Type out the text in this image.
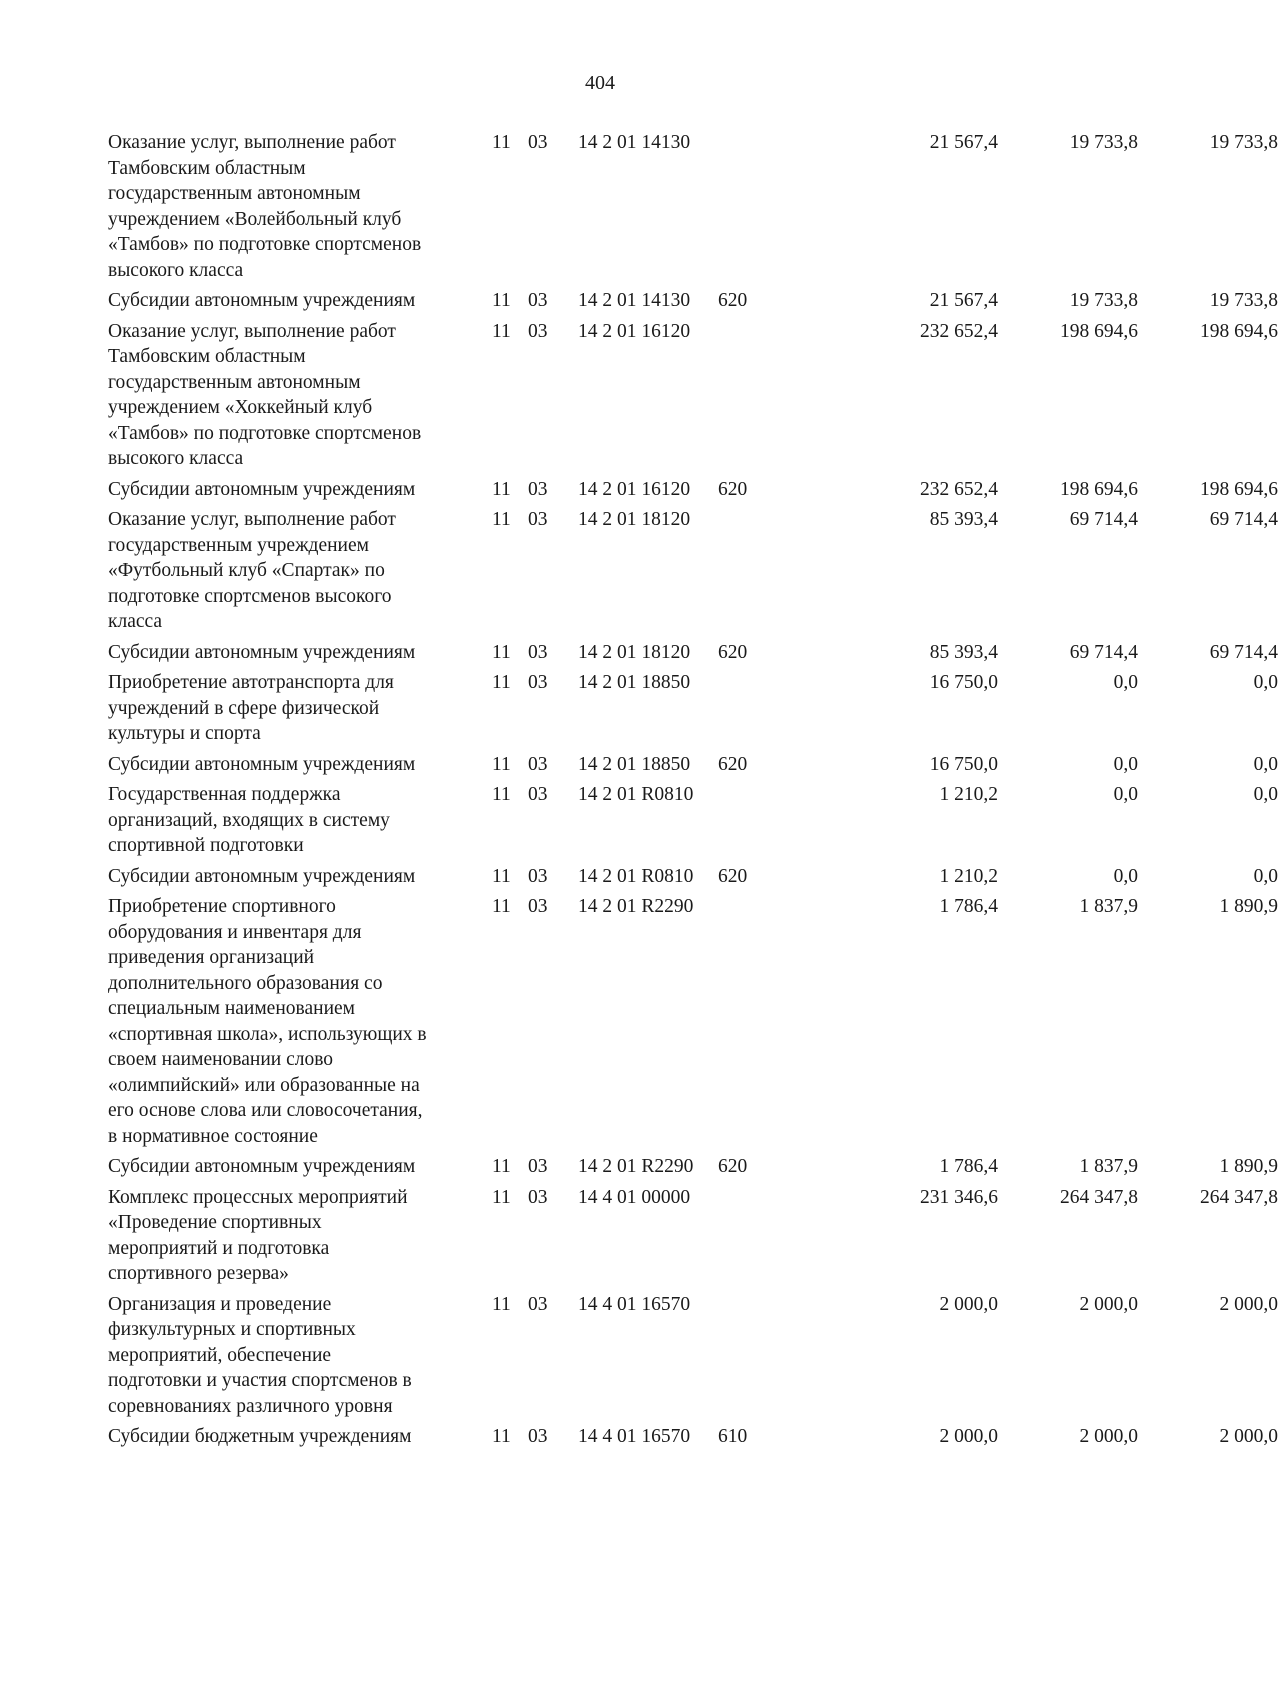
404
Оказание услуг, выполнение работ
Тамбовским областным
государственным автономным
учреждением «Волейбольный клуб
«Тамбов» по подготовке спортсменов
высокого класса
11 03	14 2 01 14130	21 567,4	19 733,8	19 733,8
Субсидии автономным учреждениям	11 03	14 2 01 14130	620	21 567,4	19 733,8	19 733,8
Оказание услуг, выполнение работ
Тамбовским областным
государственным автономным
учреждением «Хоккейный клуб
«Тамбов» по подготовке спортсменов
высокого класса
11 03	14 2 01 16120	232 652,4	198 694,6	198 694,6
Субсидии автономным учреждениям	11 03	14 2 01 16120	620	232 652,4	198 694,6	198 694,6
Оказание услуг, выполнение работ
государственным учреждением
«Футбольный клуб «Спартак» по
подготовке спортсменов высокого
класса
11 03	14 2 01 18120	85 393,4	69 714,4	69 714,4
Субсидии автономным учреждениям	11 03	14 2 01 18120	620	85 393,4	69 714,4	69 714,4
Приобретение автотранспорта для
учреждений в сфере физической
культуры и спорта
11 03	14 2 01 18850	16 750,0	0,0	0,0
Субсидии автономным учреждениям	11 03	14 2 01 18850	620	16 750,0	0,0	0,0
Государственная поддержка
организаций, входящих в систему
спортивной подготовки
11 03	14 2 01 R0810	1 210,2	0,0	0,0
Субсидии автономным учреждениям	11 03	14 2 01 R0810	620	1 210,2	0,0	0,0
Приобретение спортивного
оборудования и инвентаря для
приведения организаций
дополнительного образования со
специальным наименованием
«спортивная школа», использующих в
своем наименовании слово
«олимпийский» или образованные на
его основе слова или словосочетания,
в нормативное состояние
11 03	14 2 01 R2290	1 786,4	1 837,9	1 890,9
Субсидии автономным учреждениям	11 03	14 2 01 R2290	620	1 786,4	1 837,9	1 890,9
Комплекс процессных мероприятий
«Проведение спортивных
мероприятий и подготовка
спортивного резерва»
11 03	14 4 01 00000	231 346,6	264 347,8	264 347,8
Организация и проведение
физкультурных и спортивных
мероприятий, обеспечение
подготовки и участия спортсменов в
соревнованиях различного уровня
11 03	14 4 01 16570	2 000,0	2 000,0	2 000,0
Субсидии бюджетным учреждениям	11 03	14 4 01 16570	610	2 000,0	2 000,0	2 000,0
